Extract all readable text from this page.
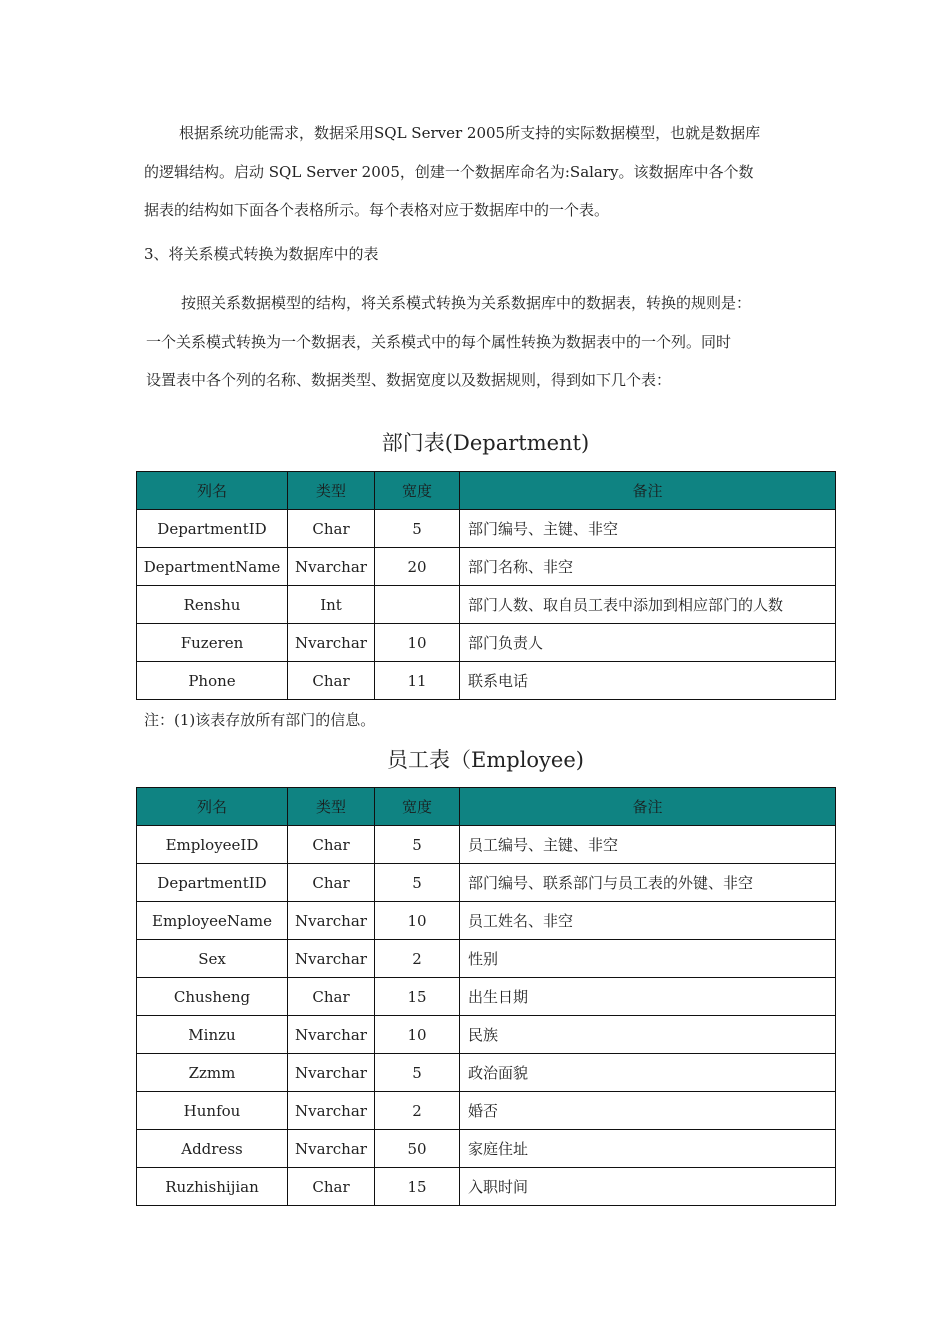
根据系统功能需求，数据采用SQL Server 2005所支持的实际数据模型，也就是数据库
的逻辑结构。启动 SQL Server 2005，创建一个数据库命名为:Salary。该数据库中各个数
据表的结构如下面各个表格所示。每个表格对应于数据库中的一个表。

3、将关系模式转换为数据库中的表

按照关系数据模型的结构，将关系模式转换为关系数据库中的数据表，转换的规则是：
一个关系模式转换为一个数据表，关系模式中的每个属性转换为数据表中的一个列。同时
设置表中各个列的名称、数据类型、数据宽度以及数据规则，得到如下几个表：

部门表(Department)

列名	类型	宽度	备注
DepartmentID	Char	5	部门编号、主键、非空
DepartmentName	Nvarchar	20	部门名称、非空
Renshu	Int		部门人数、取自员工表中添加到相应部门的人数
Fuzeren	Nvarchar	10	部门负责人
Phone	Char	11	联系电话

注：(1)该表存放所有部门的信息。

员工表（Employee)

列名	类型	宽度	备注
EmployeeID	Char	5	员工编号、主键、非空
DepartmentID	Char	5	部门编号、联系部门与员工表的外键、非空
EmployeeName	Nvarchar	10	员工姓名、非空
Sex	Nvarchar	2	性别
Chusheng	Char	15	出生日期
Minzu	Nvarchar	10	民族
Zzmm	Nvarchar	5	政治面貌
Hunfou	Nvarchar	2	婚否
Address	Nvarchar	50	家庭住址
Ruzhishijian	Char	15	入职时间
